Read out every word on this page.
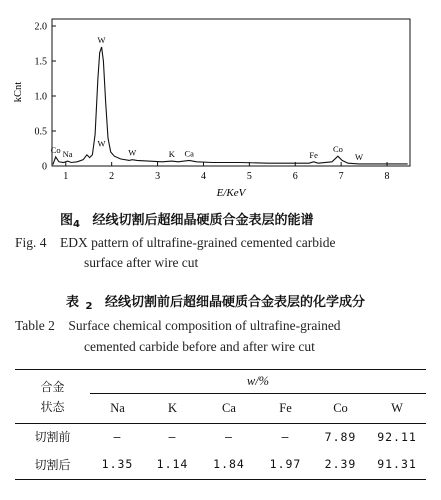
0
0.5
1.0
1.5
2.0
1	2	3	4	5	6	7	8
Co Na
W
W	K Ca	Fe
Co
W
W
kCnt
E/KeV
图$_4$ 经线切割后超细晶硬质合金表层的能谱
Fig. 4    EDX pattern of ultrafine-grained cemented carbide
surface after wire cut
表 $_2$ 经线切割前后超细晶硬质合金表层的化学成分
Table 2    Surface chemical composition of ultrafine-grained
cemented carbide before and after wire cut
合金
状态	w/%					
	Na	K	Ca	Fe	Co	W
切割前	—	—	—	—	7.89	92.11
切割后	1.35	1.14	1.84	1.97	2.39	91.31
